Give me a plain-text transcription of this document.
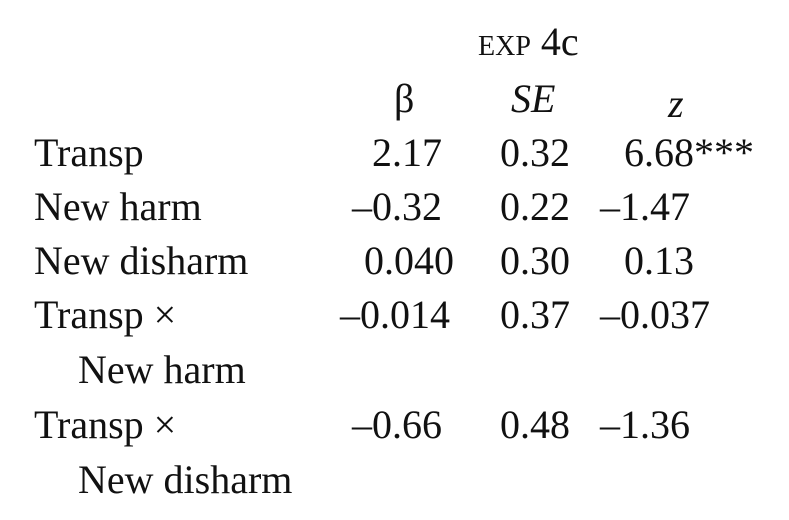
exp 4c
β SE	z
Transp	2.17 0.32 6.68***
New harm	–0.32 0.22 –1.47
New disharm	0.040 0.30 0.13
Transp ×	–0.014 0.37 –0.037
New harm
Transp ×	–0.66 0.48 –1.36
New disharm
